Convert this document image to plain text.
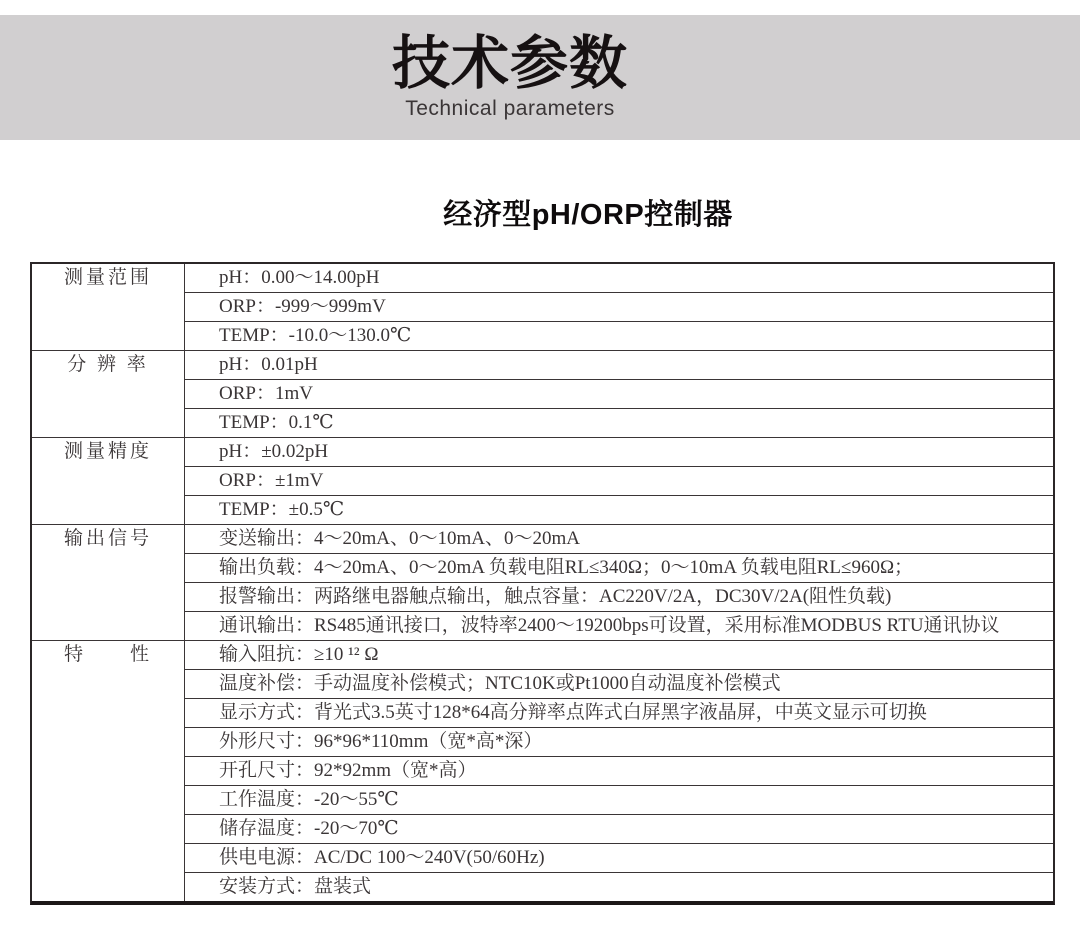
技术参数
Technical parameters
经济型pH/ORP控制器
测量范围	pH：0.00～14.00pH
ORP：-999～999mV
TEMP：-10.0～130.0℃
分 辨 率	pH：0.01pH
ORP：1mV
TEMP：0.1℃
测量精度	pH：±0.02pH
ORP：±1mV
TEMP：±0.5℃
输出信号	变送输出：4～20mA、0～10mA、0～20mA
输出负载：4～20mA、0～20mA 负载电阻RL≤340Ω；0～10mA 负载电阻RL≤960Ω；
报警输出：两路继电器触点输出，触点容量：AC220V/2A，DC30V/2A(阻性负载)
通讯输出：RS485通讯接口，波特率2400～19200bps可设置，采用标准MODBUS RTU通讯协议
特　　性	输入阻抗：≥10 ¹² Ω
温度补偿：手动温度补偿模式；NTC10K或Pt1000自动温度补偿模式
显示方式：背光式3.5英寸128*64高分辩率点阵式白屏黑字液晶屏，中英文显示可切换
外形尺寸：96*96*110mm（宽*高*深）
开孔尺寸：92*92mm（宽*高）
工作温度：-20～55℃
储存温度：-20～70℃
供电电源：AC/DC 100～240V(50/60Hz)
安装方式：盘装式
